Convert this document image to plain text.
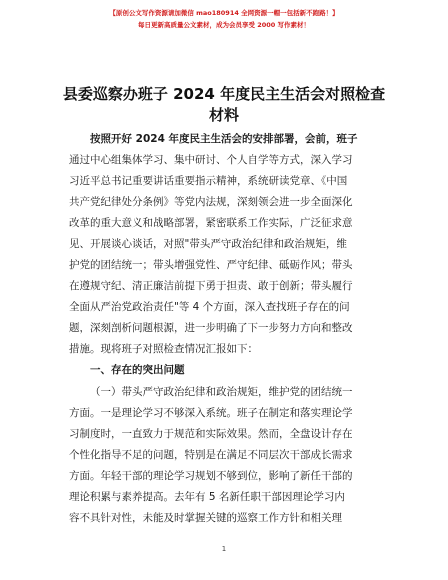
【原创公文写作资源请加微信 mao180914 全网资源一帽一包括新不跑路！】
每日更新高质量公文素材，成为会员享受 2000 写作素材！
县委巡察办班子 2024 年度民主生活会对照检查
材料
按照开好 2024 年度民主生活会的安排部署，会前，班子
通过中心组集体学习、集中研讨、个人自学等方式，深入学习
习近平总书记重要讲话重要指示精神，系统研读党章、《中国
共产党纪律处分条例》等党内法规，深刻领会进一步全面深化
改革的重大意义和战略部署，紧密联系工作实际，广泛征求意
见、开展谈心谈话，对照"带头严守政治纪律和政治规矩，维
护党的团结统一；带头增强党性、严守纪律、砥砺作风；带头
在遵规守纪、清正廉洁前提下勇于担责、敢于创新；带头履行
全面从严治党政治责任"等 4 个方面，深入查找班子存在的问
题，深刻剖析问题根源，进一步明确了下一步努力方向和整改
措施。现将班子对照检查情况汇报如下：
一、存在的突出问题
（一）带头严守政治纪律和政治规矩，维护党的团结统一
方面。一是理论学习不够深入系统。班子在制定和落实理论学
习制度时，一直致力于规范和实际效果。然而，全盘设计存在
个性化指导不足的问题，特别是在满足不同层次干部成长需求
方面。年轻干部的理论学习规划不够到位，影响了新任干部的
理论积累与素养提高。去年有 5 名新任职干部因理论学习内
容不具针对性，未能及时掌握关键的巡察工作方针和相关理
1
